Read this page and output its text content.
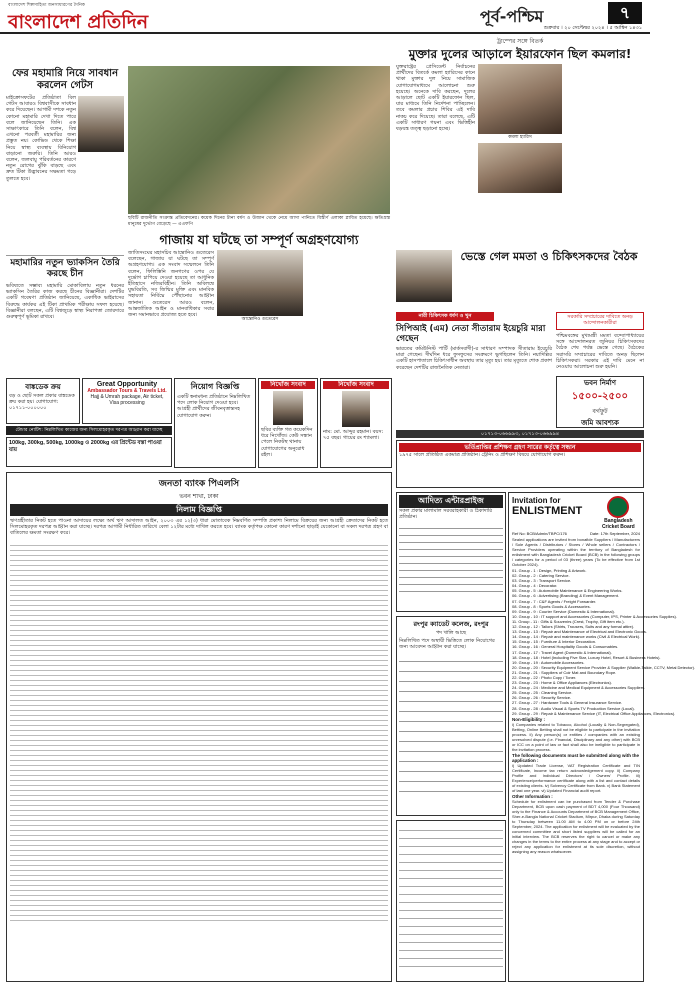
বাংলাদেশ শিল্পসাহিত্য জনসাধারণের দৈনিক
বাংলাদেশ প্রতিদিন	পূর্ব-পশ্চিম	৭
শুক্রবার । ২০ সেপ্টেম্বর ২০২৪ । ৫ আশ্বিন ১৪৩১
ফের মহামারি নিয়ে সাবধান করলেন গেটস
মাইক্রোসফটের প্রতিষ্ঠাতা বিল গেটস আবারও বিশ্ববাসীকে সাবধান করে দিয়েছেন। আগামী দশকে নতুন কোনো মহামারি দেখা দিতে পারে বলে জানিয়েছেন তিনি। এক সাক্ষাৎকারে তিনি বলেন, বিশ্ব এখনো পরবর্তী মহামারির জন্য প্রস্তুত নয়। কোভিড থেকে শিক্ষা নিয়ে স্বাস্থ্য ব্যবস্থায় বিনিয়োগ বাড়ানো জরুরি। তিনি আরও বলেন, জলবায়ু পরিবর্তনের কারণে নতুন রোগের ঝুঁকি বাড়ছে এবং দ্রুত টিকা উদ্ভাবনের সক্ষমতা গড়ে তুলতে হবে।
মহামারির নতুন ভ্যাকসিন তৈরি করছে চীন
ভবিষ্যতে সম্ভাব্য মহামারি মোকাবিলায় নতুন ধরনের ভ্যাকসিন তৈরির কাজ করছে চীনের বিজ্ঞানীরা। দেশটির একটি গবেষণা প্রতিষ্ঠান জানিয়েছে, একাধিক ভাইরাসের বিরুদ্ধে কার্যকর এই টিকা প্রাথমিক পরীক্ষায় সফল হয়েছে। বিজ্ঞানীরা বলছেন, এটি বিশ্বজুড়ে স্বাস্থ্য নিরাপত্তা জোরদারে গুরুত্বপূর্ণ ভূমিকা রাখবে।
ছবিটি রাজনীতি সংক্রান্ত প্রতিবেদনের। কয়েক দিনের টানা বর্ষণ ও উজান থেকে নেমে আসা পানিতে বিস্তীর্ণ এলাকা প্লাবিত হয়েছে। ক্ষতিগ্রস্ত মানুষের দুর্ভোগ বেড়েছে — এএফপি
ট্রাম্পের সঙ্গে বিতর্ক
মুক্তার দুলের আড়ালে ইয়ারফোন ছিল কমলার!
যুক্তরাষ্ট্রের প্রেসিডেন্ট নির্বাচনের প্রার্থীদের বিতর্কে কমলা হ্যারিসের কানে থাকা মুক্তার দুল নিয়ে সামাজিক যোগাযোগমাধ্যমে আলোচনা শুরু হয়েছে। অনেকে দাবি করছেন, দুলের আড়ালে ছোট একটি ইয়ারফোন ছিল, যার মাধ্যমে তিনি নির্দেশনা পাচ্ছিলেন। তবে কমলার প্রচার শিবির এই দাবি নাকচ করে দিয়েছে। তারা বলেছে, এটি একটি সাধারণ গয়না এবং ভিত্তিহীন ষড়যন্ত্র তত্ত্ব ছড়ানো হচ্ছে।
কমলা হ্যারিস
গাজায় যা ঘটছে তা সম্পূর্ণ অগ্রহণযোগ্য
জাতিসংঘের মহাসচিব আন্তোনিও গুতেরেস বলেছেন, গাজায় যা ঘটছে তা সম্পূর্ণ অগ্রহণযোগ্য। এক সংবাদ সম্মেলনে তিনি বলেন, ফিলিস্তিনি জনগণের ওপর যে দুর্ভোগ চাপিয়ে দেওয়া হয়েছে তা আধুনিক ইতিহাসে নজিরবিহীন। তিনি অবিলম্বে যুদ্ধবিরতি, সব জিম্মির মুক্তি এবং মানবিক সহায়তা নির্বিঘ্নে পৌঁছানোর আহ্বান জানান। গুতেরেস আরও বলেন, আন্তর্জাতিক আইন ও মানবাধিকার সবার জন্য সমানভাবে প্রযোজ্য হতে হবে।
আন্তোনিও গুতেরেস
ভেস্তে গেল মমতা ও চিকিৎসকদের বৈঠক
নারী চিকিৎসক ধর্ষণ ও খুন	সরকারি সম্প্রচারের দাবিতে অনড় আন্দোলনকারীরা
পশ্চিমবঙ্গের মুখ্যমন্ত্রী মমতা বন্দ্যোপাধ্যায়ের সঙ্গে আন্দোলনরত জুনিয়র চিকিৎসকদের বৈঠক শেষ পর্যন্ত ভেস্তে গেছে। বৈঠকের সরাসরি সম্প্রচারের দাবিতে অনড় ছিলেন চিকিৎসকরা। সরকার এই দাবি মেনে না নেওয়ায় আলোচনা শুরু হয়নি।
সিপিআই (এম) নেতা সীতারাম ইয়েচুরি মারা গেছেন
ভারতের কমিউনিস্ট পার্টি (মার্কসবাদী)-র সাধারণ সম্পাদক সীতারাম ইয়েচুরি মারা গেছেন। দীর্ঘদিন ধরে ফুসফুসের সংক্রমণে ভুগছিলেন তিনি। নয়াদিল্লির একটি হাসপাতালে চিকিৎসাধীন অবস্থায় তার মৃত্যু হয়। তার মৃত্যুতে শোক প্রকাশ করেছেন দেশটির রাজনৈতিক নেতারা।
ভবন নির্মাণ
১৫০০-২৫০০
বর্গফুট
জমি আবশ্যক
০১৭১৩-০৬৬৯৯৩, ০১৭১৩-০৬৬৯৯৪
ভর্তিপ্রাপ্তির প্রশিক্ষণ গ্রহণ সারের কর্তৃত্বে সন্ধান
১৯৭৫ সালে প্রতিষ্ঠিত একমাত্র প্রতিষ্ঠান। ট্রেনিং ও প্রশিক্ষণ বিষয়ে যোগাযোগ করুন।
বাঙ্কডেক ক্রয়
বড় ও ছোট সকল প্রকার বাঙ্কডেক ক্রয় করা হয়। যোগাযোগ: ০১৭১১-০০০০০০
Great Opportunity
Ambassador Tours & Travels Ltd.
Hajj & Umrah package, Air ticket, Visa processing
নিয়োগ বিজ্ঞপ্তি
একটি স্বনামধন্য প্রতিষ্ঠানে নিম্নলিখিত পদে লোক নিয়োগ দেওয়া হবে। আগ্রহী প্রার্থীদের জীবনবৃত্তান্তসহ যোগাযোগ করুন।
নিখোঁজ সংবাদ
ছবির ব্যক্তি গত কয়েকদিন ধরে নিখোঁজ। কেউ সন্ধান পেলে নিকটস্থ থানায় যোগাযোগের অনুরোধ রইল।
নিখোঁজ সংবাদ
নাম: মো. আব্দুর রহমান। বয়স: ৭৫ বছর। গায়ের রং শ্যামলা।
টেন্ডার নোটিশ: নিম্নলিখিত কাজের জন্য সিলমোহরকৃত দরপত্র আহ্বান করা যাচ্ছে
100kg, 300kg, 500kg, 1000kg ও 2000kg এর প্রিন্টেড বস্তা পাওয়া যায়
জনতা ব্যাংক পিএলসি
ভবন শাখা, ঢাকা
নিলাম বিজ্ঞপ্তি
ঋণগ্রহীতার নিকট হতে পাওনা আদায়ের লক্ষ্যে অর্থ ঋণ আদালত আইন, ২০০৩ এর ১২(৩) ধারা মোতাবেক নিম্নবর্ণিত সম্পত্তি প্রকাশ্য নিলামে বিক্রয়ের জন্য আগ্রহী ক্রেতাদের নিকট হতে সিলমোহরকৃত দরপত্র আহ্বান করা যাচ্ছে। দরপত্র আগামী নির্ধারিত তারিখে বেলা ১২টার মধ্যে দাখিল করতে হবে। ব্যাংক কর্তৃপক্ষ কোনো কারণ দর্শানো ছাড়াই যেকোনো বা সকল দরপত্র গ্রহণ বা বাতিলের ক্ষমতা সংরক্ষণ করে।
আদিত্য এন্টারপ্রাইজ
সকল প্রকার মালামাল সরবরাহকারী ও ঠিকাদারি প্রতিষ্ঠান।
রংপুর ক্যাডেট কলেজ, রংপুর
পদ খালি আছে
নিম্নলিখিত পদে অস্থায়ী ভিত্তিতে লোক নিয়োগের জন্য আবেদন আহ্বান করা যাচ্ছে।
Invitation for
ENLISTMENT
Bangladesh Cricket Board
Ref No: BCB/Admin/TBPC/176	Date: 17th September, 2024
Sealed applications are invited from bonafide Suppliers / Manufacturers / Sole Agents / Distributors / Stores / Whole sellers / Contractors / Service Providers operating within the territory of Bangladesh for enlistment with Bangladesh Cricket Board (BCB) in the following groups / categories for a period of 03 (three) years (To be effective from 1st October 2024).
01. Group - 1 : Design, Printing & Artwork.
02. Group - 2 : Catering Service.
03. Group - 3 : Transport Service.
04. Group - 4 : Decorator.
05. Group - 5 : Automobile Maintenance & Engineering Works.
06. Group - 6 : Advertising (Branding) & Event Management.
07. Group - 7 : C&F Agents / Freight Forwarder.
08. Group - 8 : Sports Goods & Accessories.
09. Group - 9 : Courier Service (Domestic & International).
10. Group - 10 : IT support and Accessories (Computer, IPS, Printer & Accessories Supplies).
11. Group - 11 : Gifts & Souvenirs (Crest, Trophy, Gift item etc.).
12. Group - 12 : Tailors (Shirts, Trousers, Suits and any formal attire).
13. Group - 13 : Repair and Maintenance of Electrical and Electronic Goods.
14. Group - 14 : Repair and maintenance works (Civil & Electrical Work).
15. Group - 15 : Furniture & Interior Decoration.
16. Group - 16 : General Hospitality Goods & Consumables.
17. Group - 17 : Travel Agent (Domestic & International).
18. Group - 18 : Hotel (Including Five Star, Luxury Hotel, Resort & Business Hotels).
19. Group - 19 : Automobile Accessories.
20. Group - 20 : Security Equipment Service Provider & Supplier (Walkie-Talkie, CCTV, Metal Detector).
21. Group - 21 : Suppliers of Coir Mat and Boundary Rope.
22. Group - 22 : Photo Copy / Toner.
23. Group - 23 : Home & Office Appliances (Electronics).
24. Group - 24 : Medicine and Medical Equipment & Accessories Suppliers.
25. Group - 25 : Cleaning Service.
26. Group - 26 : Security Service.
27. Group - 27 : Hardware Tools & General Insurance Service.
28. Group - 28 : Audio Visual & Sports TV Production Service (Local).
29. Group - 29 : Repair & Maintenance Service (IT, Electrical Office Appliances, Electronics).
Non-Eligibility :
i) Companies related to Tobacco, Alcohol (Locally & Non-Segregated), Betting, Online Betting shall not be eligible to participate in the invitation process. ii) Any person(s) or entities / companies with an existing unresolved dispute (i.e. Financial, Disciplinary and any other) with BCB or ICC on a point of law or fact shall also be ineligible to participate in the invitation process.
The following documents must be submitted along with the application :
i) Updated Trade License, VAT Registration Certificate and TIN Certificate, Income tax return acknowledgement copy. ii) Company Profile and Individual Directors' / Owners' Profile. iii) Experience/performance certificate along with a list and contact details of existing clients. iv) Solvency Certificate from Bank. v) Bank Statement of last one year. vi) Updated Financial audit report.
Other Information :
Schedule for enlistment can be purchased from Tender & Purchase Department, BCB upon cash payment of BDT 4,000 (Four Thousand) only to the Finance & Accounts Department of BCB Management Office, Sher-e-Bangla National Cricket Stadium, Mirpur, Dhaka during Saturday to Thursday between 11.00 AM to 4.00 PM on or before 24th September, 2024. The application for enlistment will be evaluated by the concerned committee and short listed suppliers will be called for an initial interview. The BCB reserves the right to cancel or make any changes in the terms to the entire process at any stage and to accept or reject any application for enlistment at its sole discretion, without assigning any reason whatsoever.
